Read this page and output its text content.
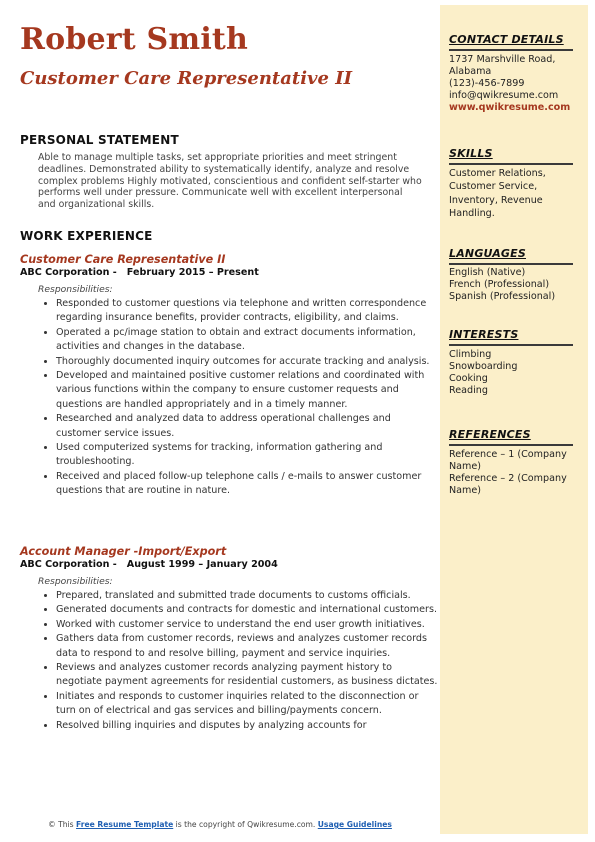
Robert Smith
Customer Care Representative II
PERSONAL STATEMENT
Able to manage multiple tasks, set appropriate priorities and meet stringent deadlines. Demonstrated ability to systematically identify, analyze and resolve complex problems Highly motivated, conscientious and confident self-starter who performs well under pressure. Communicate well with excellent interpersonal and organizational skills.
WORK EXPERIENCE
Customer Care Representative II
ABC Corporation - February 2015 – Present
Responsibilities:
• Responded to customer questions via telephone and written correspondence regarding insurance benefits, provider contracts, eligibility, and claims.
• Operated a pc/image station to obtain and extract documents information, activities and changes in the database.
• Thoroughly documented inquiry outcomes for accurate tracking and analysis.
• Developed and maintained positive customer relations and coordinated with various functions within the company to ensure customer requests and questions are handled appropriately and in a timely manner.
• Researched and analyzed data to address operational challenges and customer service issues.
• Used computerized systems for tracking, information gathering and troubleshooting.
• Received and placed follow-up telephone calls / e-mails to answer customer questions that are routine in nature.
Account Manager -Import/Export
ABC Corporation - August 1999 – January 2004
Responsibilities:
• Prepared, translated and submitted trade documents to customs officials.
• Generated documents and contracts for domestic and international customers.
• Worked with customer service to understand the end user growth initiatives.
• Gathers data from customer records, reviews and analyzes customer records data to respond to and resolve billing, payment and service inquiries.
• Reviews and analyzes customer records analyzing payment history to negotiate payment agreements for residential customers, as business dictates.
• Initiates and responds to customer inquiries related to the disconnection or turn on of electrical and gas services and billing/payments concern.
• Resolved billing inquiries and disputes by analyzing accounts for
CONTACT DETAILS
1737 Marshville Road, Alabama
(123)-456-7899
info@qwikresume.com
www.qwikresume.com
SKILLS
Customer Relations, Customer Service, Inventory, Revenue Handling.
LANGUAGES
English (Native)
French (Professional)
Spanish (Professional)
INTERESTS
Climbing
Snowboarding
Cooking
Reading
REFERENCES
Reference – 1 (Company Name)
Reference – 2 (Company Name)
© This Free Resume Template is the copyright of Qwikresume.com. Usage Guidelines
